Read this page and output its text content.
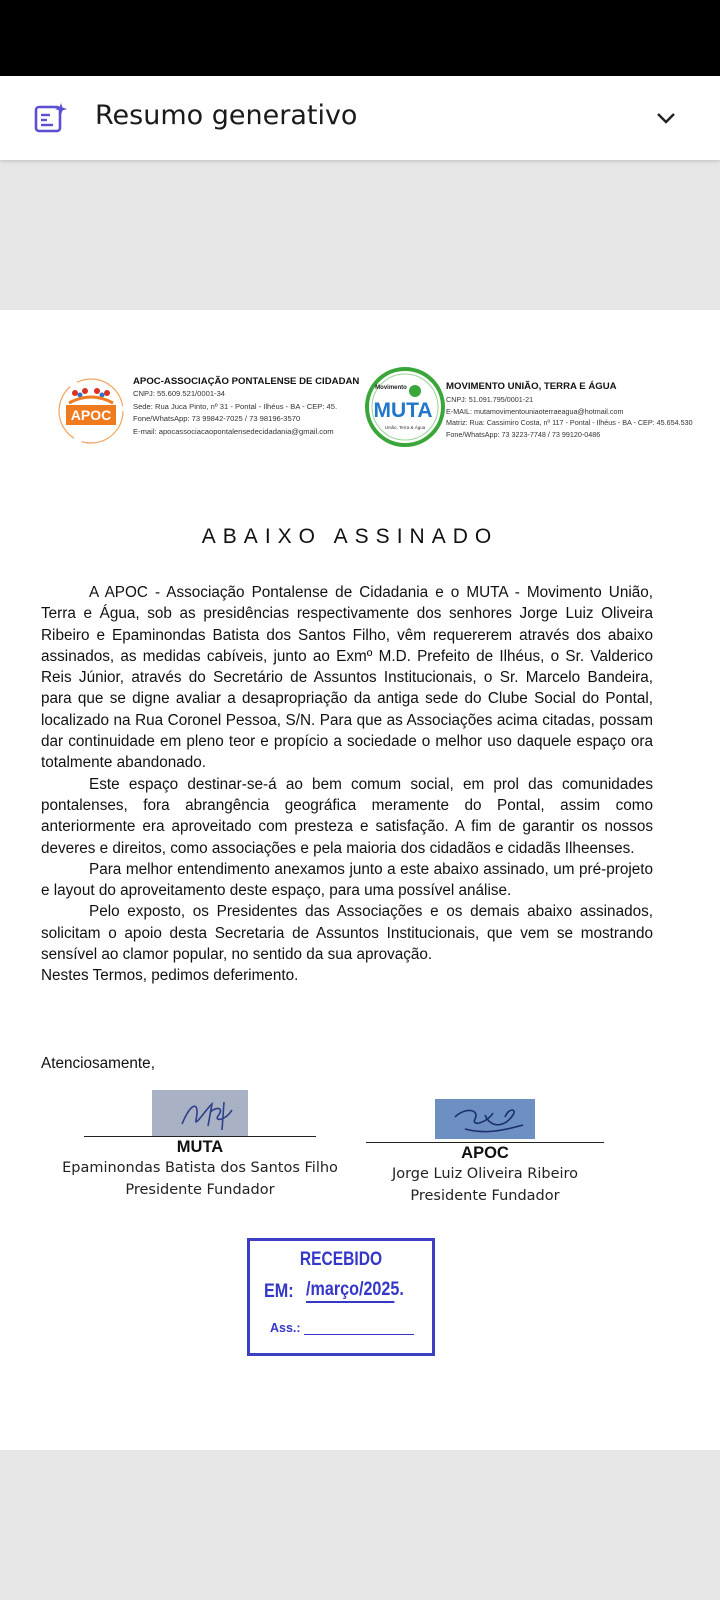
Resumo generativo
APOC
APOC-ASSOCIAÇÃO PONTALENSE DE CIDADAN
CNPJ: 55.609.521/0001-34
Sede: Rua Juca Pinto, nº 31 - Pontal - Ilhéus - BA - CEP: 45.
Fone/WhatsApp: 73 99842-7025 / 73 98196-3570
E-mail: apocassociacaopontalensedecidadania@gmail.com
Movimento
MUTA
União, Terra & Água
MOVIMENTO UNIÃO, TERRA E ÁGUA
CNPJ: 51.091.795/0001-21
E-MAIL: mutamovimentouniaoterraeagua@hotmail.com
Matriz: Rua: Cassimiro Costa, nº 117 - Pontal - Ilhéus - BA - CEP: 45.654.530
Fone/WhatsApp: 73 3223-7748 / 73 99120-0486
ABAIXO ASSINADO

A APOC - Associação Pontalense de Cidadania e o MUTA - Movimento União, Terra e Água, sob as presidências respectivamente dos senhores Jorge Luiz Oliveira Ribeiro e Epaminondas Batista dos Santos Filho, vêm requererem através dos abaixo assinados, as medidas cabíveis, junto ao Exmº M.D. Prefeito de Ilhéus, o Sr. Valderico Reis Júnior, através do Secretário de Assuntos Institucionais, o Sr. Marcelo Bandeira, para que se digne avaliar a desapropriação da antiga sede do Clube Social do Pontal, localizado na Rua Coronel Pessoa, S/N. Para que as Associações acima citadas, possam dar continuidade em pleno teor e propício a sociedade o melhor uso daquele espaço ora totalmente abandonado.

Este espaço destinar-se-á ao bem comum social, em prol das comunidades pontalenses, fora abrangência geográfica meramente do Pontal, assim como anteriormente era aproveitado com presteza e satisfação. A fim de garantir os nossos deveres e direitos, como associações e pela maioria dos cidadãos e cidadãs Ilheenses.

Para melhor entendimento anexamos junto a este abaixo assinado, um pré-projeto e layout do aproveitamento deste espaço, para uma possível análise.

Pelo exposto, os Presidentes das Associações e os demais abaixo assinados, solicitam o apoio desta Secretaria de Assuntos Institucionais, que vem se mostrando sensível ao clamor popular, no sentido da sua aprovação.

Nestes Termos, pedimos deferimento.

Atenciosamente,
MUTA
Epaminondas Batista dos Santos Filho
Presidente Fundador
APOC
Jorge Luiz Oliveira Ribeiro
Presidente Fundador
RECEBIDO
EM: /março/2025.
Ass.:
